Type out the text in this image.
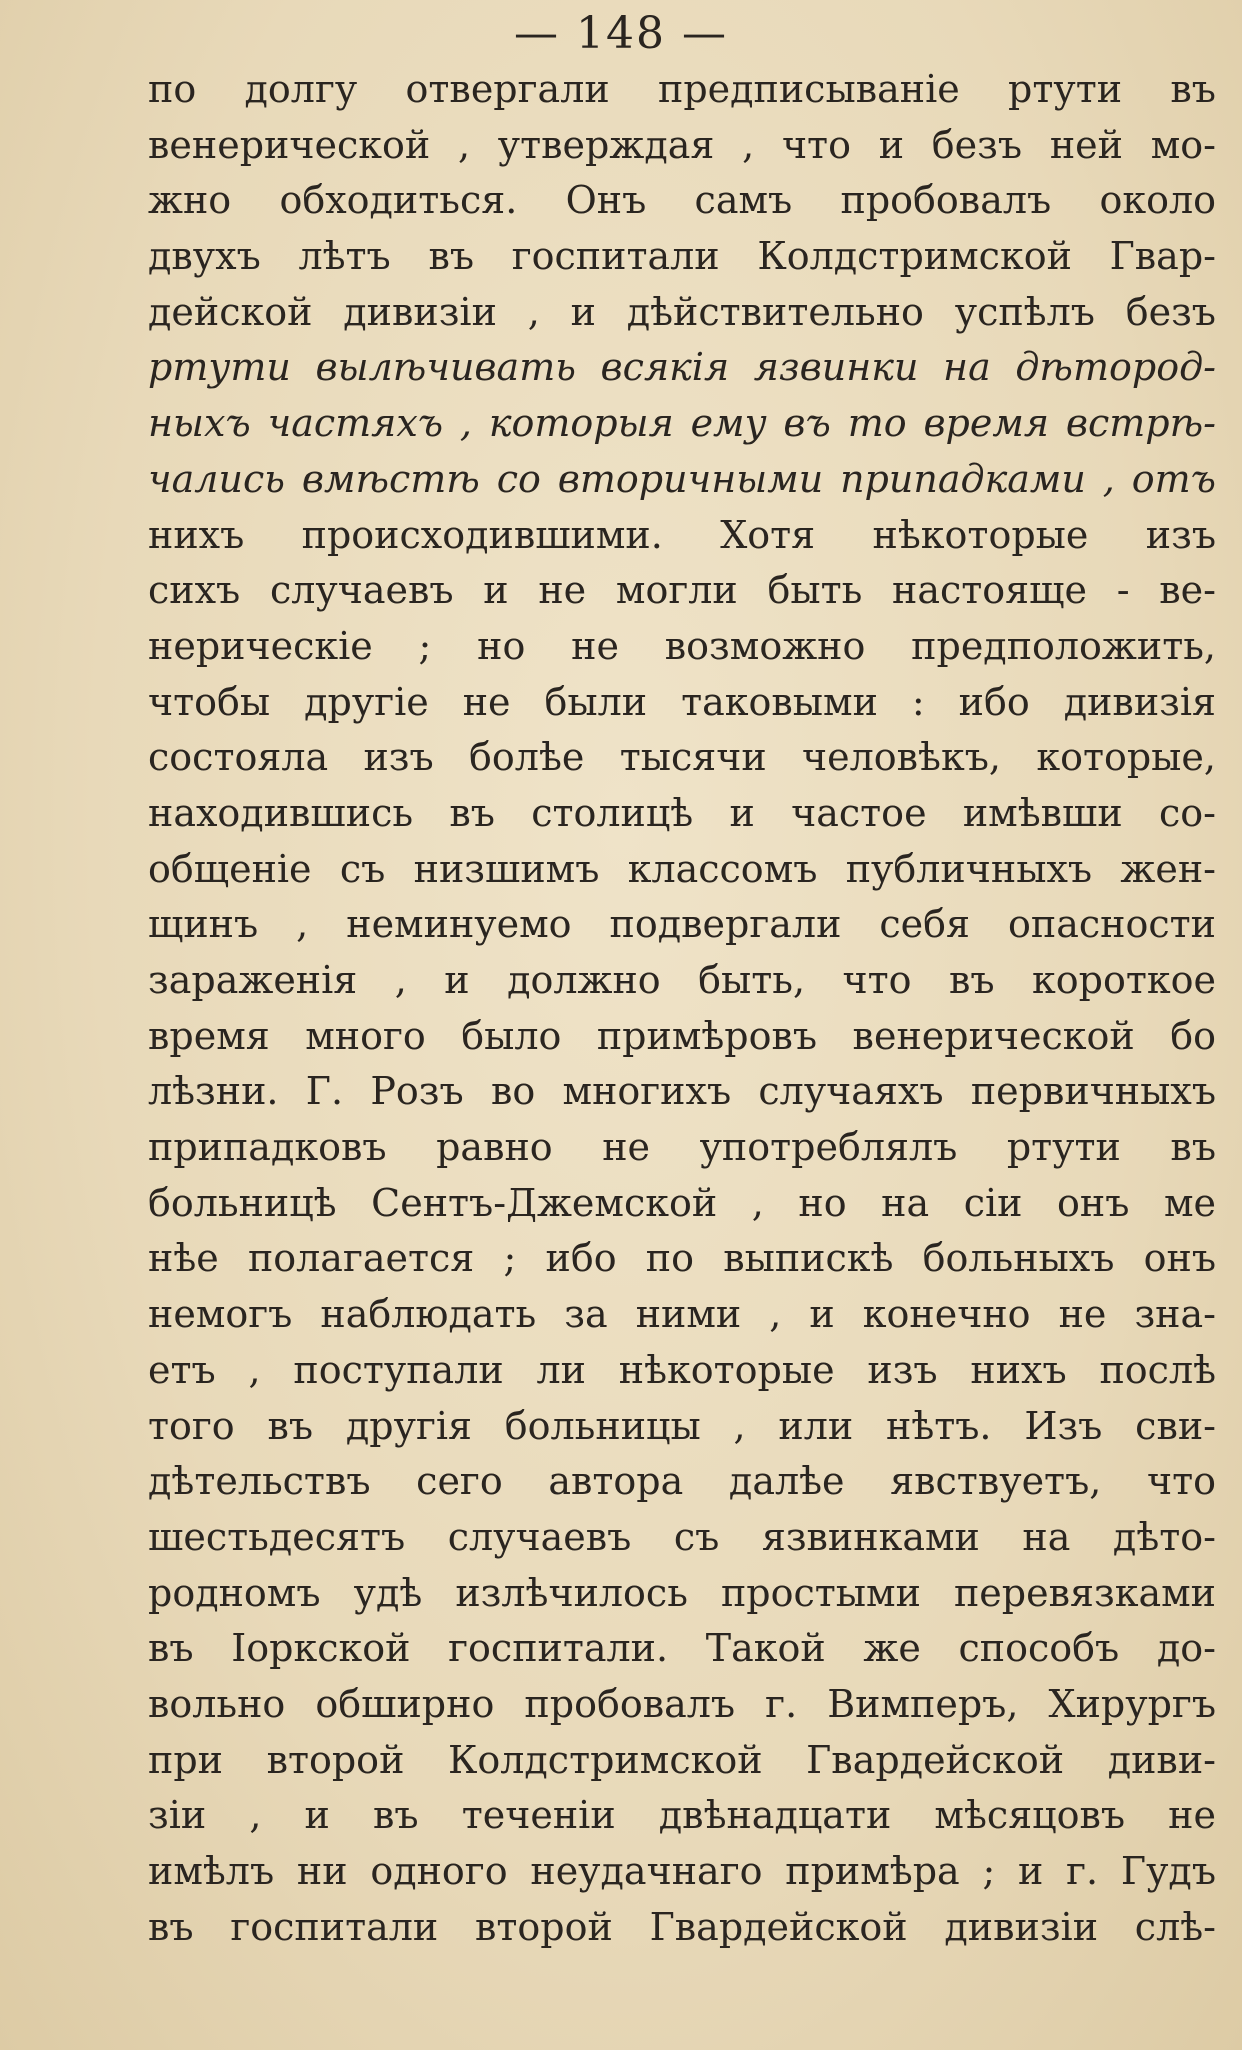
— 148 —
по долгу отвергали предписыванiе ртути въ
венерической , утверждая , что и безъ ней мо-
жно обходиться. Онъ самъ пробовалъ около
двухъ лѣтъ въ госпитали Колдстримской Гвар-
дейской дивизiи , и дѣйствительно успѣлъ безъ
ртути вылѣчивать всякiя язвинки на дѣтород-
ныхъ частяхъ , которыя ему въ то время встрѣ-
чались вмѣстѣ со вторичными припадками , отъ
нихъ происходившими. Хотя нѣкоторые изъ
сихъ случаевъ и не могли быть настояще - ве-
нерическiе ; но не возможно предположить,
чтобы другiе не были таковыми : ибо дивизiя
состояла изъ болѣе тысячи человѣкъ, которые,
находившись въ столицѣ и частое имѣвши со-
общенiе съ низшимъ классомъ публичныхъ жен-
щинъ , неминуемо подвергали себя опасности
зараженiя , и должно быть, что въ короткое
время много было примѣровъ венерической бо
лѣзни. Г. Розъ во многихъ случаяхъ первичныхъ
припадковъ равно не употреблялъ ртути въ
больницѣ Сентъ-Джемской , но на сiи онъ ме
нѣе полагается ; ибо по выпискѣ больныхъ онъ
немогъ наблюдать за ними , и конечно не зна-
етъ , поступали ли нѣкоторые изъ нихъ послѣ
того въ другiя больницы , или нѣтъ. Изъ сви-
дѣтельствъ сего автора далѣе явствуетъ, что
шестьдесятъ случаевъ съ язвинками на дѣто-
родномъ удѣ излѣчилось простыми перевязками
въ Iоркской госпитали. Такой же способъ до-
вольно обширно пробовалъ г. Вимперъ, Хирургъ
при второй Колдстримской Гвардейской диви-
зiи , и въ теченiи двѣнадцати мѣсяцовъ не
имѣлъ ни одного неудачнаго примѣра ; и г. Гудъ
въ госпитали второй Гвардейской дивизiи слѣ-
